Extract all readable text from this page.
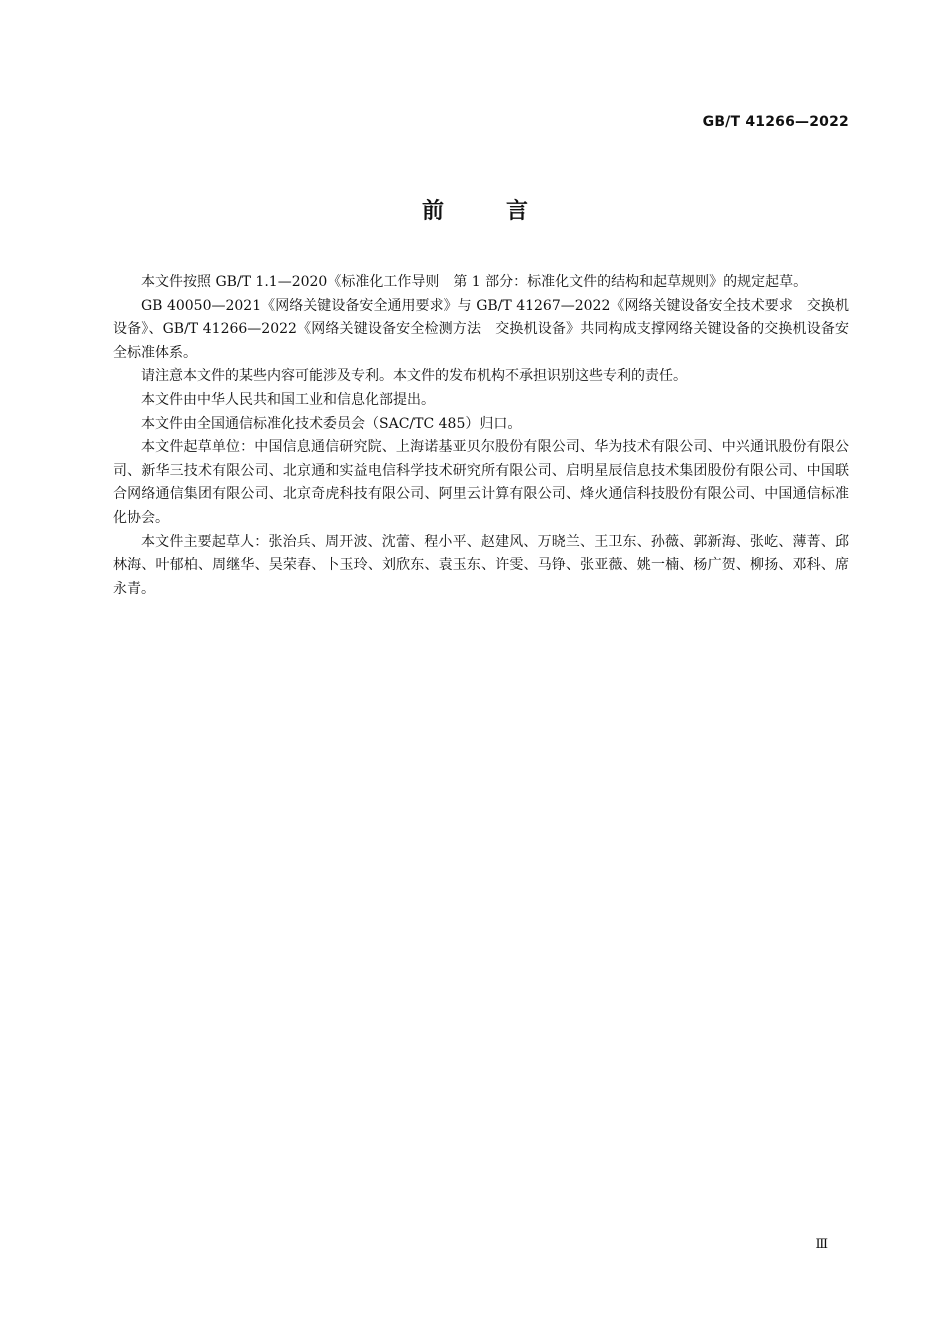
GB/T 41266—2022
前言

本文件按照 GB/T 1.1—2020《标准化工作导则　第 1 部分：标准化文件的结构和起草规则》的规定起草。

GB 40050—2021《网络关键设备安全通用要求》与 GB/T 41267—2022《网络关键设备安全技术要求　交换机设备》、GB/T 41266—2022《网络关键设备安全检测方法　交换机设备》共同构成支撑网络关键设备的交换机设备安全标准体系。

请注意本文件的某些内容可能涉及专利。本文件的发布机构不承担识别这些专利的责任。

本文件由中华人民共和国工业和信息化部提出。

本文件由全国通信标准化技术委员会（SAC/TC 485）归口。

本文件起草单位：中国信息通信研究院、上海诺基亚贝尔股份有限公司、华为技术有限公司、中兴通讯股份有限公司、新华三技术有限公司、北京通和实益电信科学技术研究所有限公司、启明星辰信息技术集团股份有限公司、中国联合网络通信集团有限公司、北京奇虎科技有限公司、阿里云计算有限公司、烽火通信科技股份有限公司、中国通信标准化协会。

本文件主要起草人：张治兵、周开波、沈蕾、程小平、赵建风、万晓兰、王卫东、孙薇、郭新海、张屹、薄菁、邱林海、叶郁柏、周继华、吴荣春、卜玉玲、刘欣东、袁玉东、许雯、马铮、张亚薇、姚一楠、杨广贺、柳扬、邓科、席永青。

Ⅲ
